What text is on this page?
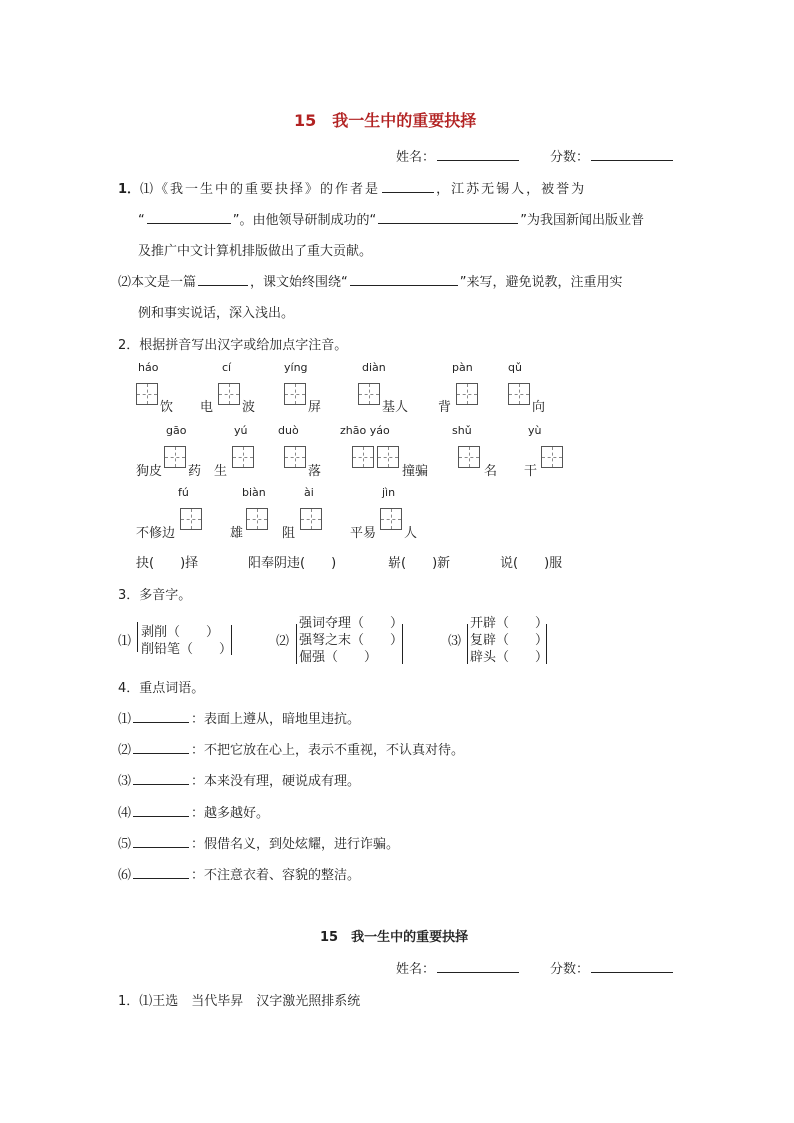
15　我一生中的重要抉择
姓名：	分数：
1．⑴《我一生中的重要抉择》的作者是	，江苏无锡人，被誉为
“	”。由他领导研制成功的“	”为我国新闻出版业普
及推广中文计算机排版做出了重大贡献。
⑵本文是一篇	，课文始终围绕“	”来写，避免说教，注重用实
例和事实说话，深入浅出。
2．根据拼音写出汉字或给加点字注音。
háo	cí	yíng	diàn	pàn	qǔ
饮 电 波	屏	基人 背	向
gāo	yú	duò	zhāo yáo	shǔ	yù
狗皮 药 生	落	撞骗	名 干
fú	biàn	ài	jìn
不修边	雄	阻	平易 人
抉(　　)择	阳奉阴违(　　)	崭(　　)新	说(　　)服
3．多音字。
⑴
剥削（　　）
削铅笔（　　）
⑵
强词夺理（　　）
强弩之末（　　）
倔强（　　）
⑶
开辟（　　）
复辟（　　）
辟头（　　）
4．重点词语。
⑴	：表面上遵从，暗地里违抗。
⑵	：不把它放在心上，表示不重视，不认真对待。
⑶	：本来没有理，硬说成有理。
⑷	：越多越好。
⑸	：假借名义，到处炫耀，进行诈骗。
⑹	：不注意衣着、容貌的整洁。
15　我一生中的重要抉择
姓名：	分数：
1．⑴王选　当代毕昇　汉字激光照排系统
